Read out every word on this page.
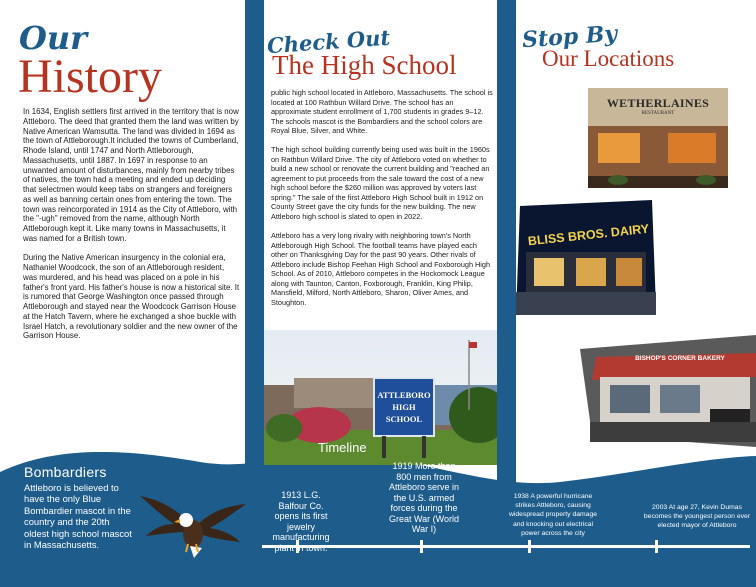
Our
History

In 1634, English settlers first arrived in the territory that is now Attleboro. The deed that granted them the land was written by Native American Wamsutta. The land was divided in 1694 as the town of Attleborough.It included the towns of Cumberland, Rhode Island, until 1747 and North Attleborough, Massachusetts, until 1887. In 1697 in response to an unwanted amount of disturbances, mainly from nearby tribes of natives, the town had a meeting and ended up deciding that selectmen would keep tabs on strangers and foreigners as well as banning certain ones from entering the town. The town was reincorporated in 1914 as the City of Attleboro, with the "-ugh" removed from the name, although North Attleborough kept it. Like many towns in Massachusetts, it was named for a British town.

During the Native American insurgency in the colonial era, Nathaniel Woodcock, the son of an Attleborough resident, was murdered, and his head was placed on a pole in his father's front yard. His father's house is now a historical site. It is rumored that George Washington once passed through Attleborough and stayed near the Woodcock Garrison House at the Hatch Tavern, where he exchanged a shoe buckle with Israel Hatch, a revolutionary soldier and the new owner of the Garrison House.

Check Out
The High School

public high school located in Attleboro, Massachusetts. The school is located at 100 Rathbun Willard Drive. The school has an approximate student enrollment of 1,700 students in grades 9–12. The schools mascot is the Bombardiers and the school colors are Royal Blue, Silver, and White.

The high school building currently being used was built in the 1960s on Rathbun Willard Drive. The city of Attleboro voted on whether to build a new school or renovate the current building and "reached an agreement to put proceeds from the sale toward the cost of a new high school before the $260 million was approved by voters last spring." The sale of the first Attleboro High School built in 1912 on County Street gave the city funds for the new building. The new Attleboro high school is slated to open in 2022.

Attleboro has a very long rivalry with neighboring town's North Attleborough High School. The football teams have played each other on Thanksgiving Day for the past 90 years. Other rivals of Attleboro include Bishop Feehan High School and Foxborough High School. As of 2010, Attleboro competes in the Hockomock League along with Taunton, Canton, Foxborough, Franklin, King Philip, Mansfield, Milford, North Attleboro, Sharon, Oliver Ames, and Stoughton.

ATTLEBORO
HIGH
SCHOOL
Stop By
Our Locations
WETHERLAINES
RESTAURANT
BLISS BROS. DAIRY
BISHOP'S CORNER BAKERY
Bombardiers
Attleboro is believed to have the only Blue Bombardier mascot in the country and the 20th oldest high school mascot in Massachusetts.
Timeline
1913 L.G. Balfour Co. opens its first jewelry manufacturing plant in town.
1919 More than 800 men from Attleboro serve in the U.S. armed forces during the Great War (World War I)
1938 A powerful hurricane strikes Attleboro, causing widespread property damage and knocking out electrical power across the city
2003 At age 27, Kevin Dumas becomes the youngest person ever elected mayor of Attleboro
